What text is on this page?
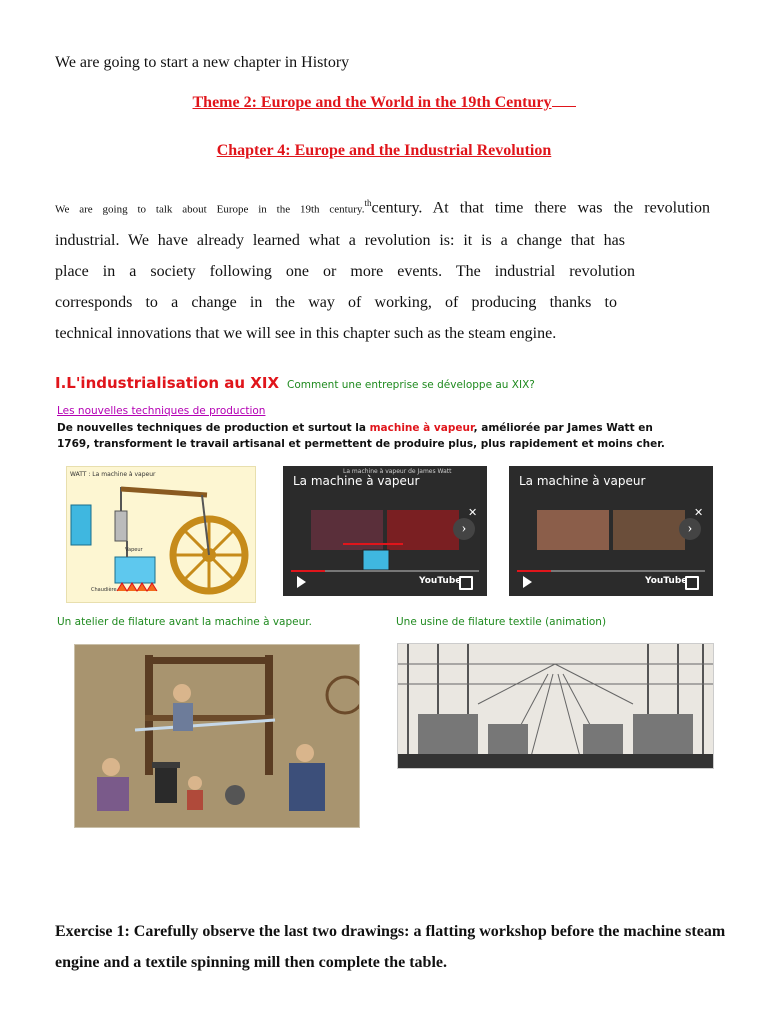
We are going to start a new chapter in History
Theme 2: Europe and the World in the 19th Century
Chapter 4: Europe and the Industrial Revolution
We are going to talk about Europe in the 19th century.$^{th}$century. At that time there was the revolution
industrial. We have already learned what a revolution is: it is a change that has
place in a society following one or more events. The industrial revolution
corresponds to a change in the way of working, of producing thanks to
technical innovations that we will see in this chapter such as the steam engine.
I.L'industrialisation au XIX Comment une entreprise se développe au XIX?
Les nouvelles techniques de production
De nouvelles techniques de production et surtout la machine à vapeur, améliorée par James Watt en 1769, transforment le travail artisanal et permettent de produire plus, plus rapidement et moins cher.
WATT : La machine à vapeur
Vapeur
Chaudière
La machine à vapeur de James Watt
La machine à vapeur
›
✕
YouTube
La machine à vapeur
›
✕
YouTube
Un atelier de filature avant la machine à vapeur.	Une usine de filature textile (animation)
Exercise 1: Carefully observe the last two drawings: a flatting workshop before the machine steam engine and a textile spinning mill then complete the table.
